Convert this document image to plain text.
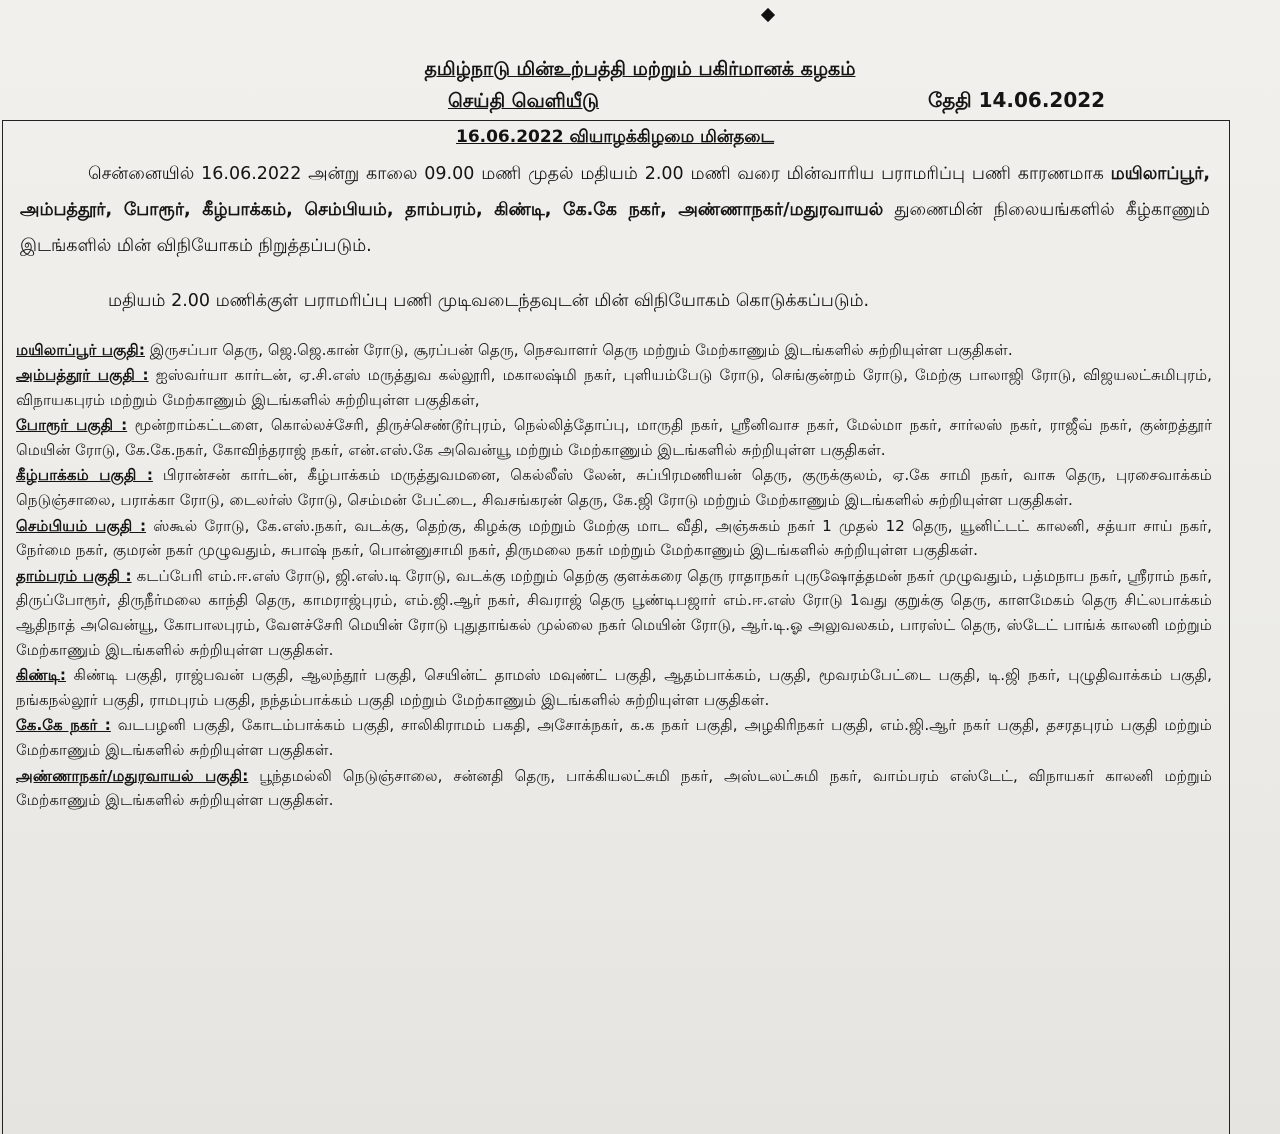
தமிழ்நாடு மின்உற்பத்தி மற்றும் பகிர்மானக் கழகம்
செய்தி வெளியீடு	தேதி 14.06.2022
16.06.2022 வியாழக்கிழமை மின்தடை
சென்னையில் 16.06.2022 அன்று காலை 09.00 மணி முதல் மதியம் 2.00 மணி வரை மின்வாரிய பராமரிப்பு பணி காரணமாக மயிலாப்பூர், அம்பத்தூர், போரூர், கீழ்பாக்கம், செம்பியம், தாம்பரம், கிண்டி, கே.கே நகர், அண்ணாநகர்/மதுரவாயல் துணைமின் நிலையங்களில் கீழ்காணும் இடங்களில் மின் விநியோகம் நிறுத்தப்படும்.
மதியம் 2.00 மணிக்குள் பராமரிப்பு பணி முடிவடைந்தவுடன் மின் விநியோகம் கொடுக்கப்படும்.
மயிலாப்பூர் பகுதி: இருசப்பா தெரு, ஜெ.ஜெ.கான் ரோடு, சூரப்பன் தெரு, நெசவாளர் தெரு மற்றும் மேற்காணும் இடங்களில் சுற்றியுள்ள பகுதிகள்.
அம்பத்தூர் பகுதி : ஐஸ்வர்யா கார்டன், ஏ.சி.எஸ் மருத்துவ கல்லூரி, மகாலஷ்மி நகர், புளியம்பேடு ரோடு, செங்குன்றம் ரோடு, மேற்கு பாலாஜி ரோடு, விஜயலட்சுமிபுரம், விநாயகபுரம் மற்றும் மேற்காணும் இடங்களில் சுற்றியுள்ள பகுதிகள்,
போரூர் பகுதி : மூன்றாம்கட்டளை, கொல்லச்சேரி, திருச்செண்டூர்புரம், நெல்லித்தோப்பு, மாருதி நகர், ஸ்ரீனிவாச நகர், மேல்மா நகர், சார்லஸ் நகர், ராஜீவ் நகர், குன்றத்தூர் மெயின் ரோடு, கே.கே.நகர், கோவிந்தராஜ் நகர், என்.எஸ்.கே அவென்யூ மற்றும் மேற்காணும் இடங்களில் சுற்றியுள்ள பகுதிகள்.
கீழ்பாக்கம் பகுதி : பிரான்சன் கார்டன், கீழ்பாக்கம் மருத்துவமனை, கெல்லீஸ் லேன், சுப்பிரமணியன் தெரு, குருக்குலம், ஏ.கே சாமி நகர், வாசு தெரு, புரசைவாக்கம் நெடுஞ்சாலை, பராக்கா ரோடு, டைலர்ஸ் ரோடு, செம்மன் பேட்டை, சிவசங்கரன் தெரு, கே.ஜி ரோடு மற்றும் மேற்காணும் இடங்களில் சுற்றியுள்ள பகுதிகள்.
செம்பியம் பகுதி : ஸ்கூல் ரோடு, கே.எஸ்.நகர், வடக்கு, தெற்கு, கிழக்கு மற்றும் மேற்கு மாட வீதி, அஞ்சுகம் நகர் 1 முதல் 12 தெரு, யூனிட்டட் காலனி, சத்யா சாய் நகர், நேர்மை நகர், குமரன் நகர் முழுவதும், சுபாஷ் நகர், பொன்னுசாமி நகர், திருமலை நகர் மற்றும் மேற்காணும் இடங்களில் சுற்றியுள்ள பகுதிகள்.
தாம்பரம் பகுதி : கடப்பேரி எம்.ஈ.எஸ் ரோடு, ஜி.எஸ்.டி ரோடு, வடக்கு மற்றும் தெற்கு குளக்கரை தெரு ராதாநகர் புருஷோத்தமன் நகர் முழுவதும், பத்மநாப நகர், ஸ்ரீராம் நகர், திருப்போரூர், திருநீர்மலை காந்தி தெரு, காமராஜ்புரம், எம்.ஜி.ஆர் நகர், சிவராஜ் தெரு பூண்டிபஜார் எம்.ஈ.எஸ் ரோடு 1வது குறுக்கு தெரு, காளமேகம் தெரு சிட்லபாக்கம் ஆதிநாத் அவென்யூ, கோபாலபுரம், வேளச்சேரி மெயின் ரோடு புதுதாங்கல் முல்லை நகர் மெயின் ரோடு, ஆர்.டி.ஓ அலுவலகம், பாரஸ்ட் தெரு, ஸ்டேட் பாங்க் காலனி மற்றும் மேற்காணும் இடங்களில் சுற்றியுள்ள பகுதிகள்.
கிண்டி: கிண்டி பகுதி, ராஜ்பவன் பகுதி, ஆலந்தூர் பகுதி, செயின்ட் தாமஸ் மவுண்ட் பகுதி, ஆதம்பாக்கம், பகுதி, மூவரம்பேட்டை பகுதி, டி.ஜி நகர், புழுதிவாக்கம் பகுதி, நங்கநல்லூர் பகுதி, ராமபுரம் பகுதி, நந்தம்பாக்கம் பகுதி மற்றும் மேற்காணும் இடங்களில் சுற்றியுள்ள பகுதிகள்.
கே.கே நகர் : வடபழனி பகுதி, கோடம்பாக்கம் பகுதி, சாலிகிராமம் பகதி, அசோக்நகர், க.க நகர் பகுதி, அழகிரிநகர் பகுதி, எம்.ஜி.ஆர் நகர் பகுதி, தசரதபுரம் பகுதி மற்றும் மேற்காணும் இடங்களில் சுற்றியுள்ள பகுதிகள்.
அண்ணாநகர்/மதுரவாயல் பகுதி: பூந்தமல்லி நெடுஞ்சாலை, சன்னதி தெரு, பாக்கியலட்சுமி நகர், அஸ்டலட்சுமி நகர், வாம்பரம் எஸ்டேட், விநாயகர் காலனி மற்றும் மேற்காணும் இடங்களில் சுற்றியுள்ள பகுதிகள்.
